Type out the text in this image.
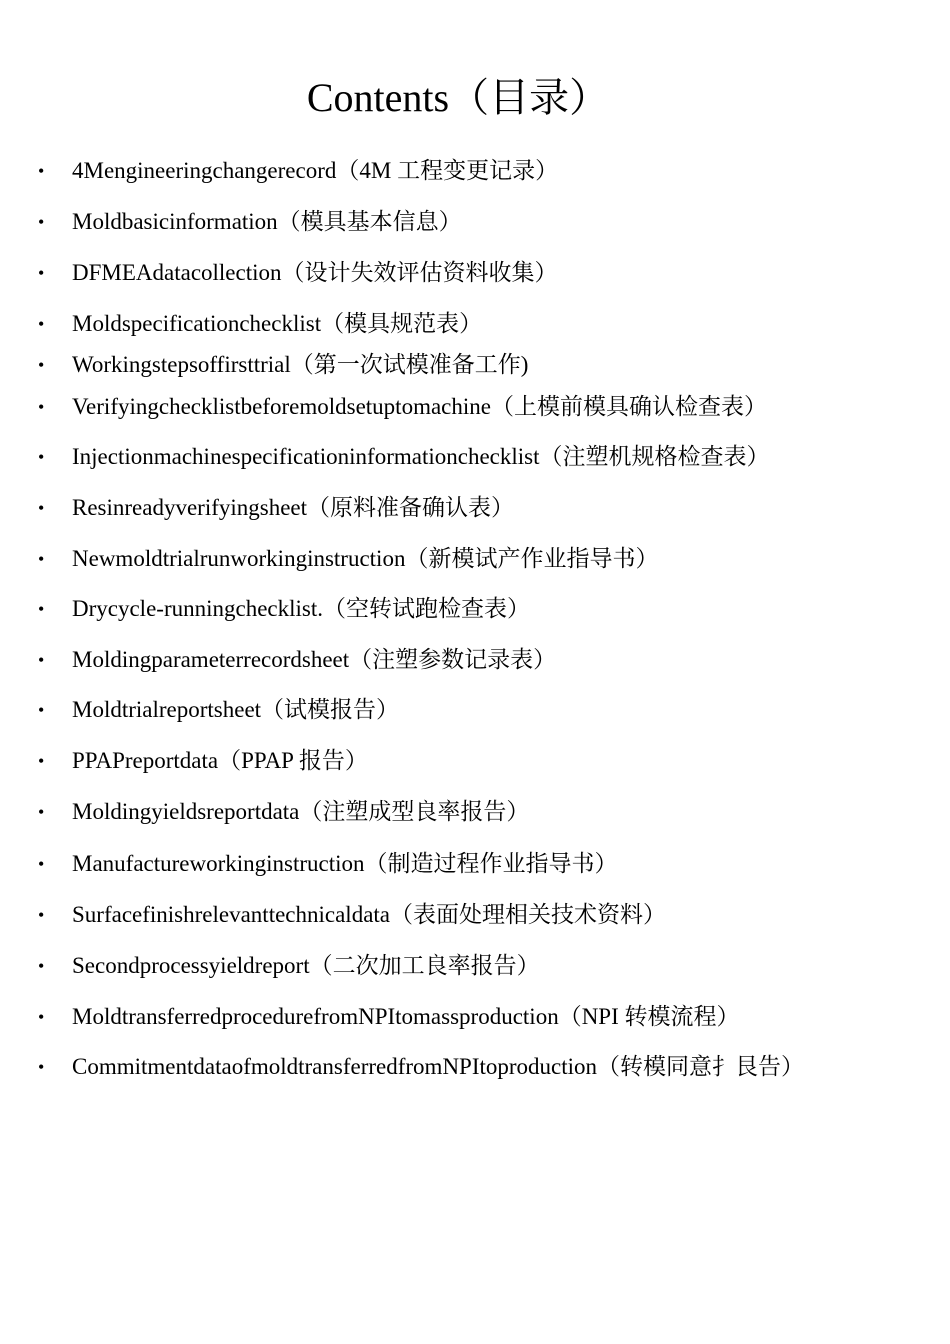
Contents（目录）
•	4Mengineeringchangerecord（4M 工程变更记录）
•	Moldbasicinformation（模具基本信息）
•	DFMEAdatacollection（设计失效评估资料收集）
•	Moldspecificationchecklist（模具规范表）
•	Workingstepsoffirsttrial（第一次试模准备工作)
•	Verifyingchecklistbeforemoldsetuptomachine（上模前模具确认检查表）
•	Injectionmachinespecificationinformationchecklist（注塑机规格检查表）
•	Resinreadyverifyingsheet（原料准备确认表）
•	Newmoldtrialrunworkinginstruction（新模试产作业指导书）
•	Drycycle-runningchecklist.（空转试跑检查表）
•	Moldingparameterrecordsheet（注塑参数记录表）
•	Moldtrialreportsheet（试模报告）
•	PPAPreportdata（PPAP 报告）
•	Moldingyieldsreportdata（注塑成型良率报告）
•	Manufactureworkinginstruction（制造过程作业指导书）
•	Surfacefinishrelevanttechnicaldata（表面处理相关技术资料）
•	Secondprocessyieldreport（二次加工良率报告）
•	MoldtransferredprocedurefromNPItomassproduction（NPI 转模流程）
•	CommitmentdataofmoldtransferredfromNPItoproduction（转模同意扌艮告）
